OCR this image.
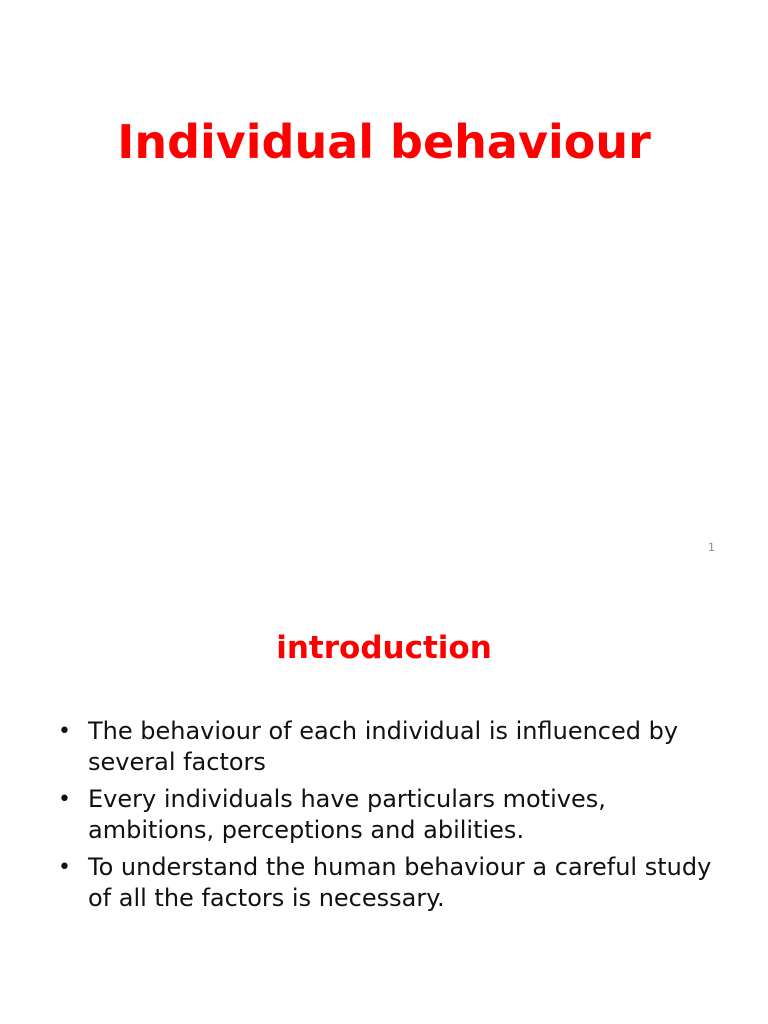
Individual behaviour
1
introduction
• The behaviour of each individual is influenced by several factors
• Every individuals have particulars motives, ambitions, perceptions and abilities.
• To understand the human behaviour a careful study of all the factors is necessary.
